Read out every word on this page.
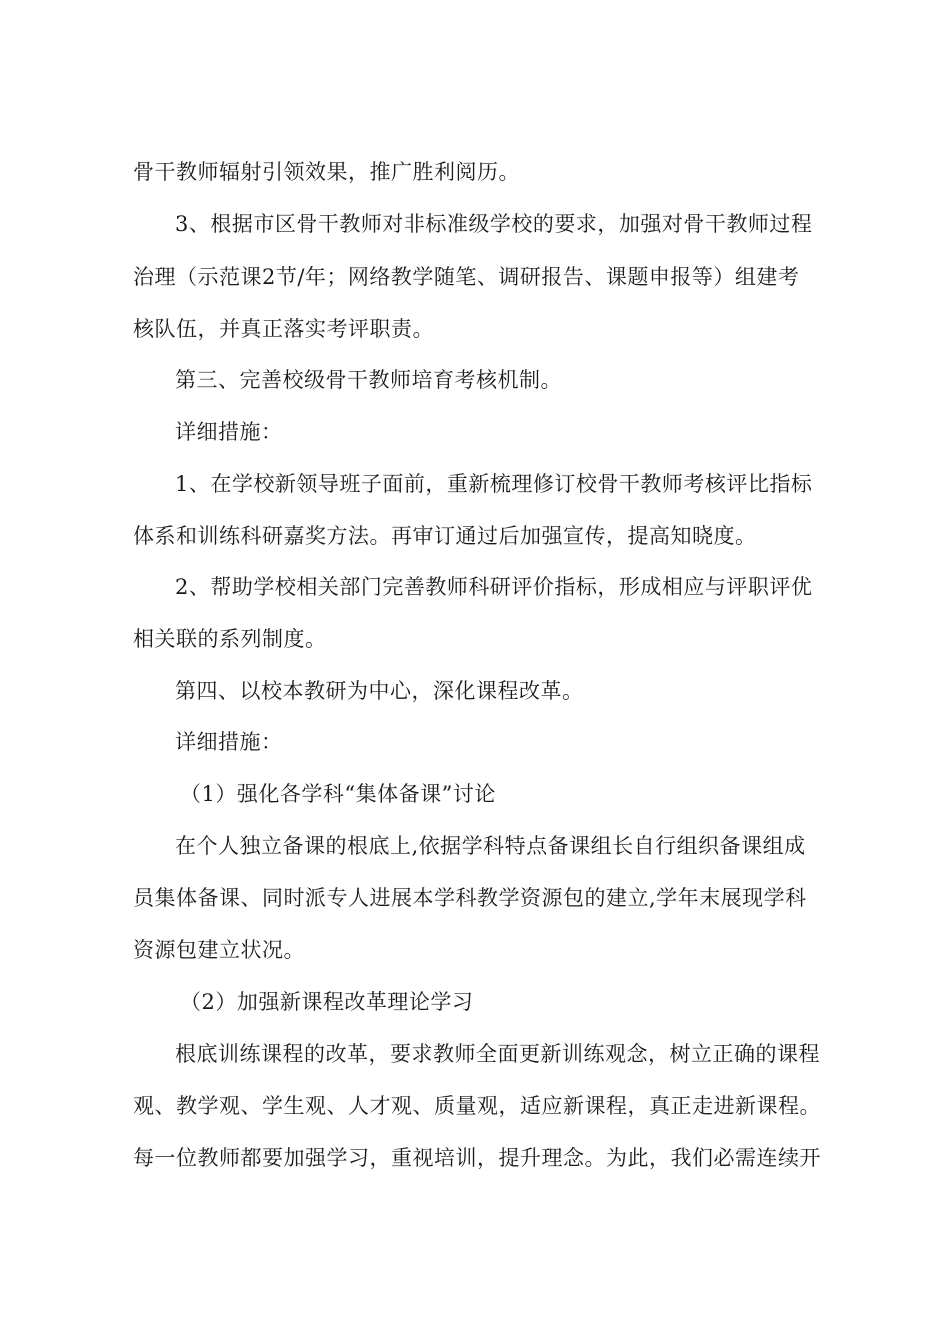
骨干教师辐射引领效果，推广胜利阅历。
3、根据市区骨干教师对非标准级学校的要求，加强对骨干教师过程
治理（示范课2节/年；网络教学随笔、调研报告、课题申报等）组建考
核队伍，并真正落实考评职责。
第三、完善校级骨干教师培育考核机制。
详细措施：
1、在学校新领导班子面前，重新梳理修订校骨干教师考核评比指标
体系和训练科研嘉奖方法。再审订通过后加强宣传，提高知晓度。
2、帮助学校相关部门完善教师科研评价指标，形成相应与评职评优
相关联的系列制度。
第四、以校本教研为中心，深化课程改革。
详细措施：
（1）强化各学科“集体备课”讨论
在个人独立备课的根底上,依据学科特点备课组长自行组织备课组成
员集体备课、同时派专人进展本学科教学资源包的建立,学年末展现学科
资源包建立状况。
（2）加强新课程改革理论学习
根底训练课程的改革，要求教师全面更新训练观念，树立正确的课程
观、教学观、学生观、人才观、质量观，适应新课程，真正走进新课程。
每一位教师都要加强学习，重视培训，提升理念。为此，我们必需连续开
